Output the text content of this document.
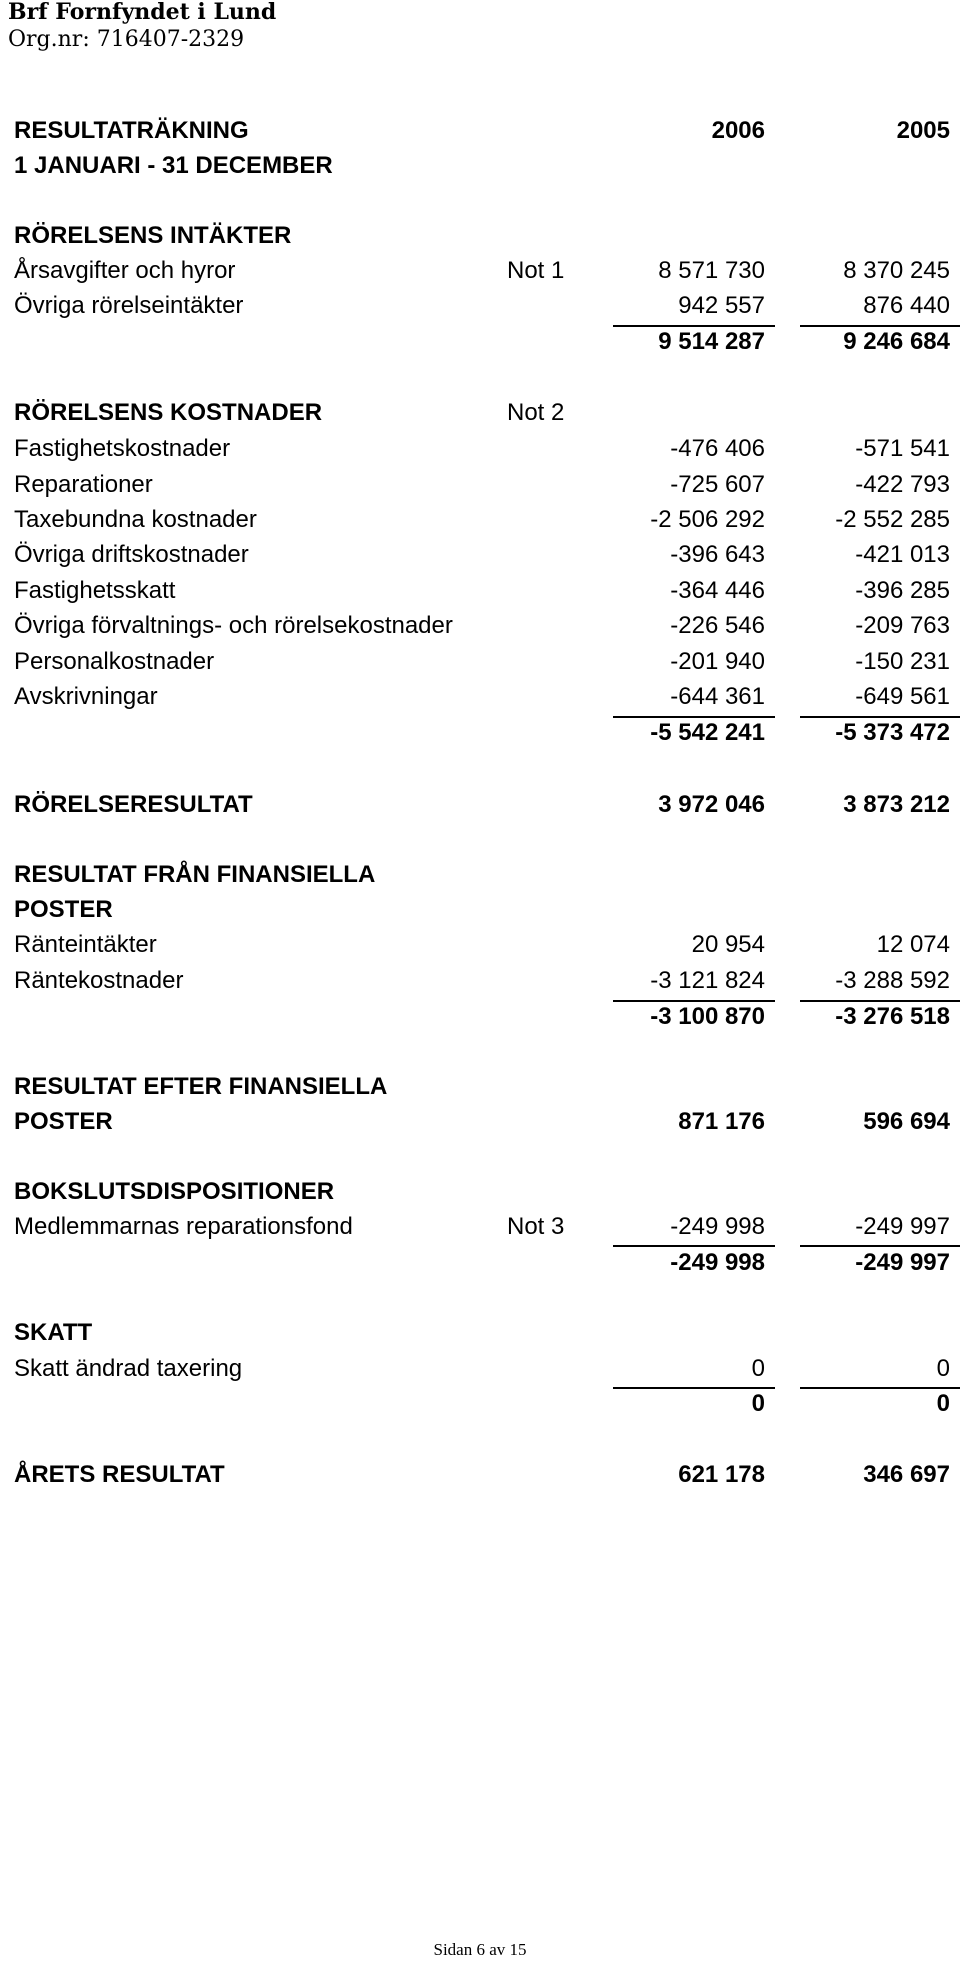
Brf Fornfyndet i Lund
Org.nr: 716407-2329
RESULTATRÄKNING	2006	2005
1 JANUARI - 31 DECEMBER
RÖRELSENS INTÄKTER
Årsavgifter och hyror	Not 1	8 571 730	8 370 245
Övriga rörelseintäkter	942 557	876 440
9 514 287	9 246 684
RÖRELSENS KOSTNADER	Not 2
Fastighetskostnader	-476 406	-571 541
Reparationer	-725 607	-422 793
Taxebundna kostnader	-2 506 292	-2 552 285
Övriga driftskostnader	-396 643	-421 013
Fastighetsskatt	-364 446	-396 285
Övriga förvaltnings- och rörelsekostnader	-226 546	-209 763
Personalkostnader	-201 940	-150 231
Avskrivningar	-644 361	-649 561
-5 542 241	-5 373 472
RÖRELSERESULTAT	3 972 046	3 873 212
RESULTAT FRÅN FINANSIELLA
POSTER
Ränteintäkter	20 954	12 074
Räntekostnader	-3 121 824	-3 288 592
-3 100 870	-3 276 518
RESULTAT EFTER FINANSIELLA
POSTER	871 176	596 694
BOKSLUTSDISPOSITIONER
Medlemmarnas reparationsfond	Not 3	-249 998	-249 997
-249 998	-249 997
SKATT
Skatt ändrad taxering	0	0
0	0
ÅRETS RESULTAT	621 178	346 697
Sidan 6 av 15
